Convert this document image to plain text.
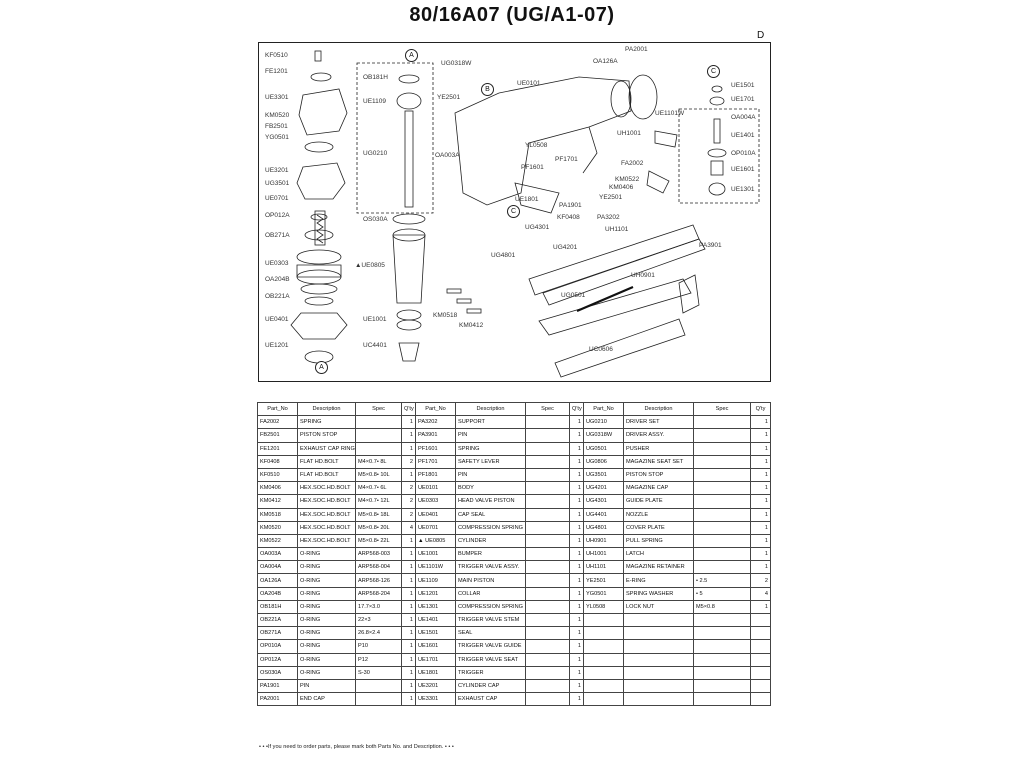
80/16A07 (UG/A1-07)
D
A
A
B
C
C
KF0510
FE1201
UE3301
KM0520
FB2501
YG0501
UE3201
UG3501
UE0701
OP012A
OB271A
UE0303
OA204B
OB221A
UE0401
UE1201
UG0318W
OB181H
UE1109
UG0210
OS030A
▲UE0805
UE1001
UC4401
YE2501
UE0101
OA003A
PA2001
OA126A
UH1001
UE1101W
YL0508
PF1701
PF1601
FA2002
KM0522
KM0406
YE2501
UE1801
PA1901
KF0408	PA3202
UG4301	UH1101
UG4201
UG4801
PA3901
UH0901
UG0501
UC0606
KM0518
KM0412
UE1501
UE1701
OA004A
UE1401
OP010A
UE1601
UE1301
Part_No	Description	Spec	Q'ty	Part_No	Description	Spec	Q'ty	Part_No	Description	Spec	Q'ty
FA2002	SPRING		1	PA3202	SUPPORT		1	UG0210	DRIVER SET		1
FB2501	PISTON STOP		1	PA3901	PIN		1	UG0318W	DRIVER ASSY.		1
FE1201	EXHAUST CAP RING		1	PF1601	SPRING		1	UG0501	PUSHER		1
KF0408	FLAT HD.BOLT	M4×0.7• 8L	2	PF1701	SAFETY LEVER		1	UG0806	MAGAZINE SEAT SET		1
KF0510	FLAT HD.BOLT	M5×0.8• 10L	1	PF1801	PIN		1	UG3501	PISTON STOP		1
KM0406	HEX.SOC.HD.BOLT	M4×0.7• 6L	2	UE0101	BODY		1	UG4201	MAGAZINE CAP		1
KM0412	HEX.SOC.HD.BOLT	M4×0.7• 12L	2	UE0303	HEAD VALVE PISTON		1	UG4301	GUIDE PLATE		1
KM0518	HEX.SOC.HD.BOLT	M5×0.8• 18L	2	UE0401	CAP SEAL		1	UG4401	NOZZLE		1
KM0520	HEX.SOC.HD.BOLT	M5×0.8• 20L	4	UE0701	COMPRESSION SPRING		1	UG4801	COVER PLATE		1
KM0522	HEX.SOC.HD.BOLT	M5×0.8• 22L	1	▲ UE0805	CYLINDER		1	UH0901	PULL SPRING		1
OA003A	O-RING	ARP568-003	1	UE1001	BUMPER		1	UH1001	LATCH		1
OA004A	O-RING	ARP568-004	1	UE1101W	TRIGGER VALVE ASSY.		1	UH1101	MAGAZINE RETAINER		1
OA126A	O-RING	ARP568-126	1	UE1109	MAIN PISTON		1	YE2501	E-RING	• 2.5	2
OA204B	O-RING	ARP568-204	1	UE1201	COLLAR		1	YG0501	SPRING WASHER	• 5	4
OB181H	O-RING	17.7×3.0	1	UE1301	COMPRESSION SPRING		1	YL0508	LOCK NUT	M5×0.8	1
OB221A	O-RING	22×3	1	UE1401	TRIGGER VALVE STEM		1				
OB271A	O-RING	26.8×2.4	1	UE1501	SEAL		1				
OP010A	O-RING	P10	1	UE1601	TRIGGER VALVE GUIDE		1				
OP012A	O-RING	P12	1	UE1701	TRIGGER VALVE SEAT		1				
OS030A	O-RING	S-30	1	UE1801	TRIGGER		1				
PA1901	PIN		1	UE3201	CYLINDER CAP		1				
PA2001	END CAP		1	UE3301	EXHAUST CAP		1				
• • •If you need to order parts, please mark both Parts No. and Description. • • •
